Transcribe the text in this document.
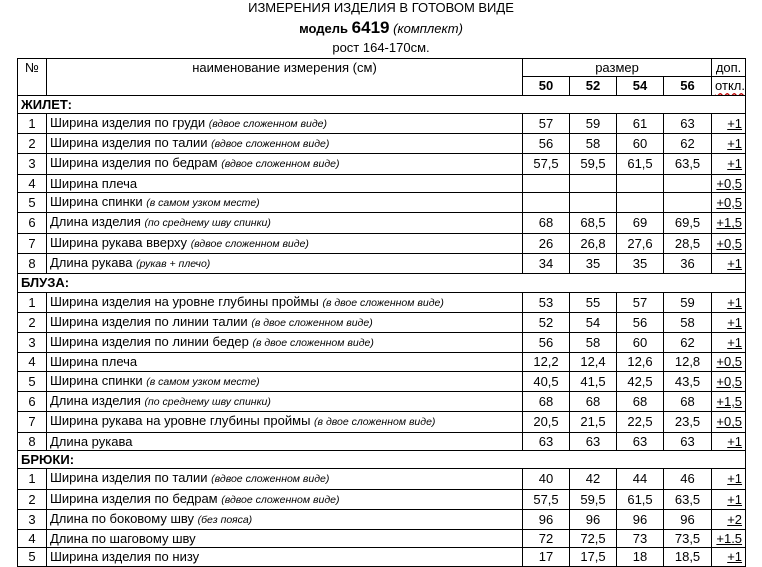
ИЗМЕРЕНИЯ ИЗДЕЛИЯ В ГОТОВОМ ВИДЕ
модель 6419 (комплект)
рост 164-170см.
№	наименование измерения (см)	размер				доп.
		50	52	54	56	откл.
ЖИЛЕТ:						
1	Ширина изделия по груди (вдвое сложенном виде)	57	59	61	63	+1
2	Ширина изделия по талии (вдвое сложенном виде)	56	58	60	62	+1
3	Ширина изделия по бедрам (вдвое сложенном виде)	57,5	59,5	61,5	63,5	+1
4	Ширина плеча					+0,5
5	Ширина спинки (в самом узком месте)					+0,5
6	Длина изделия (по среднему шву спинки)	68	68,5	69	69,5	+1,5
7	Ширина рукава вверху (вдвое сложенном виде)	26	26,8	27,6	28,5	+0,5
8	Длина рукава (рукав + плечо)	34	35	35	36	+1
БЛУЗА:						
1	Ширина изделия на уровне глубины проймы (в двое сложенном виде)	53	55	57	59	+1
2	Ширина изделия по линии талии (в двое сложенном виде)	52	54	56	58	+1
3	Ширина изделия по линии бедер (в двое сложенном виде)	56	58	60	62	+1
4	Ширина плеча	12,2	12,4	12,6	12,8	+0,5
5	Ширина спинки (в самом узком месте)	40,5	41,5	42,5	43,5	+0,5
6	Длина изделия (по среднему шву спинки)	68	68	68	68	+1,5
7	Ширина рукава на уровне глубины проймы (в двое сложенном виде)	20,5	21,5	22,5	23,5	+0,5
8	Длина рукава	63	63	63	63	+1
БРЮКИ:						
1	Ширина изделия по талии (вдвое сложенном виде)	40	42	44	46	+1
2	Ширина изделия по бедрам (вдвое сложенном виде)	57,5	59,5	61,5	63,5	+1
3	Длина по боковому шву (без пояса)	96	96	96	96	+2
4	Длина по шаговому шву	72	72,5	73	73,5	+1.5
5	Ширина изделия по низу	17	17,5	18	18,5	+1
